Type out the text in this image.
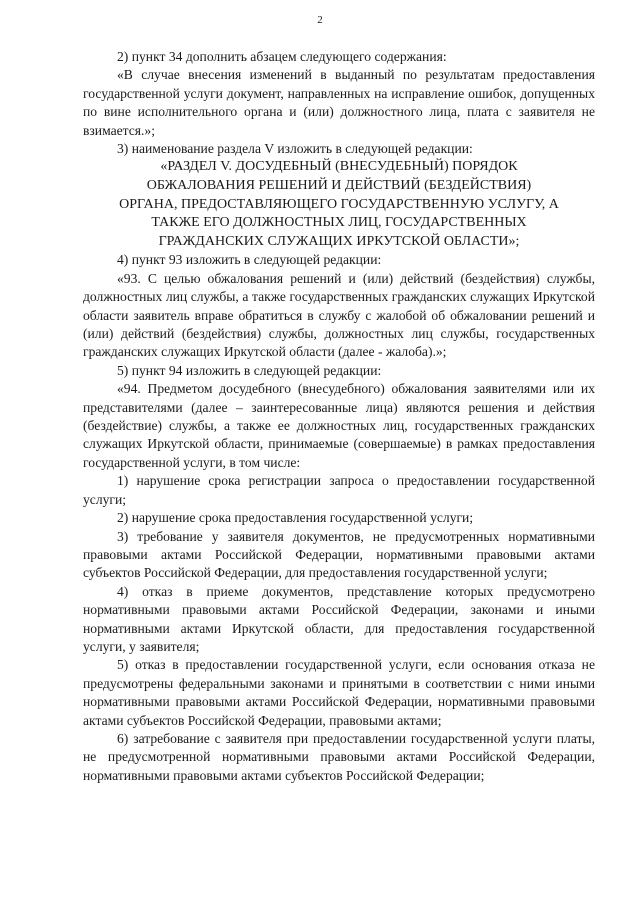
2

2) пункт 34 дополнить абзацем следующего содержания:

«В случае внесения изменений в выданный по результатам предоставления государственной услуги документ, направленных на исправление ошибок, допущенных по вине исполнительного органа и (или) должностного лица, плата с заявителя не взимается.»;

3) наименование раздела V изложить в следующей редакции:

«РАЗДЕЛ V. ДОСУДЕБНЫЙ (ВНЕСУДЕБНЫЙ) ПОРЯДОК
ОБЖАЛОВАНИЯ РЕШЕНИЙ И ДЕЙСТВИЙ (БЕЗДЕЙСТВИЯ)
ОРГАНА, ПРЕДОСТАВЛЯЮЩЕГО ГОСУДАРСТВЕННУЮ УСЛУГУ, А
ТАКЖЕ ЕГО ДОЛЖНОСТНЫХ ЛИЦ, ГОСУДАРСТВЕННЫХ
ГРАЖДАНСКИХ СЛУЖАЩИХ ИРКУТСКОЙ ОБЛАСТИ»;

4) пункт 93 изложить в следующей редакции:

«93. С целью обжалования решений и (или) действий (бездействия) службы, должностных лиц службы, а также государственных гражданских служащих Иркутской области заявитель вправе обратиться в службу с жалобой об обжаловании решений и (или) действий (бездействия) службы, должностных лиц службы, государственных гражданских служащих Иркутской области (далее - жалоба).»;

5) пункт 94 изложить в следующей редакции:

«94. Предметом досудебного (внесудебного) обжалования заявителями или их представителями (далее – заинтересованные лица) являются решения и действия (бездействие) службы, а также ее должностных лиц, государственных гражданских служащих Иркутской области, принимаемые (совершаемые) в рамках предоставления государственной услуги, в том числе:

1) нарушение срока регистрации запроса о предоставлении государственной услуги;

2) нарушение срока предоставления государственной услуги;

3) требование у заявителя документов, не предусмотренных нормативными правовыми актами Российской Федерации, нормативными правовыми актами субъектов Российской Федерации, для предоставления государственной услуги;

4) отказ в приеме документов, представление которых предусмотрено нормативными правовыми актами Российской Федерации, законами и иными нормативными актами Иркутской области, для предоставления государственной услуги, у заявителя;

5) отказ в предоставлении государственной услуги, если основания отказа не предусмотрены федеральными законами и принятыми в соответствии с ними иными нормативными правовыми актами Российской Федерации, нормативными правовыми актами субъектов Российской Федерации, правовыми актами;

6) затребование с заявителя при предоставлении государственной услуги платы, не предусмотренной нормативными правовыми актами Российской Федерации, нормативными правовыми актами субъектов Российской Федерации;
